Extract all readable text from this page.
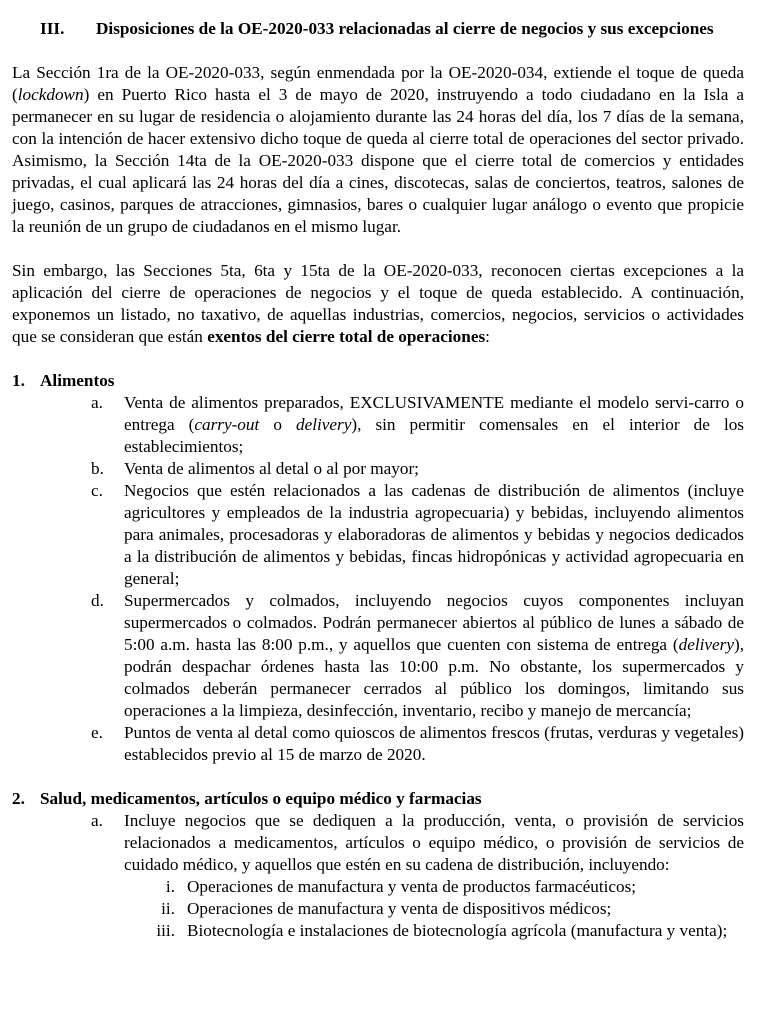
III.	Disposiciones de la OE-2020-033 relacionadas al cierre de negocios y sus excepciones

La Sección 1ra de la OE-2020-033, según enmendada por la OE-2020-034, extiende el toque de queda (lockdown) en Puerto Rico hasta el 3 de mayo de 2020, instruyendo a todo ciudadano en la Isla a permanecer en su lugar de residencia o alojamiento durante las 24 horas del día, los 7 días de la semana, con la intención de hacer extensivo dicho toque de queda al cierre total de operaciones del sector privado. Asimismo, la Sección 14ta de la OE-2020-033 dispone que el cierre total de comercios y entidades privadas, el cual aplicará las 24 horas del día a cines, discotecas, salas de conciertos, teatros, salones de juego, casinos, parques de atracciones, gimnasios, bares o cualquier lugar análogo o evento que propicie la reunión de un grupo de ciudadanos en el mismo lugar.

Sin embargo, las Secciones 5ta, 6ta y 15ta de la OE-2020-033, reconocen ciertas excepciones a la aplicación del cierre de operaciones de negocios y el toque de queda establecido. A continuación, exponemos un listado, no taxativo, de aquellas industrias, comercios, negocios, servicios o actividades que se consideran que están exentos del cierre total de operaciones:

1. Alimentos
a.	Venta de alimentos preparados, EXCLUSIVAMENTE mediante el modelo servi-carro o entrega (carry-out o delivery), sin permitir comensales en el interior de los establecimientos;
b.	Venta de alimentos al detal o al por mayor;
c.	Negocios que estén relacionados a las cadenas de distribución de alimentos (incluye agricultores y empleados de la industria agropecuaria) y bebidas, incluyendo alimentos para animales, procesadoras y elaboradoras de alimentos y bebidas y negocios dedicados a la distribución de alimentos y bebidas, fincas hidropónicas y actividad agropecuaria en general;
d.	Supermercados y colmados, incluyendo negocios cuyos componentes incluyan supermercados o colmados. Podrán permanecer abiertos al público de lunes a sábado de 5:00 a.m. hasta las 8:00 p.m., y aquellos que cuenten con sistema de entrega (delivery), podrán despachar órdenes hasta las 10:00 p.m. No obstante, los supermercados y colmados deberán permanecer cerrados al público los domingos, limitando sus operaciones a la limpieza, desinfección, inventario, recibo y manejo de mercancía;
e.	Puntos de venta al detal como quioscos de alimentos frescos (frutas, verduras y vegetales) establecidos previo al 15 de marzo de 2020.
2. Salud, medicamentos, artículos o equipo médico y farmacias
a.	Incluye negocios que se dediquen a la producción, venta, o provisión de servicios relacionados a medicamentos, artículos o equipo médico, o provisión de servicios de cuidado médico, y aquellos que estén en su cadena de distribución, incluyendo:
i. Operaciones de manufactura y venta de productos farmacéuticos;
ii. Operaciones de manufactura y venta de dispositivos médicos;
iii. Biotecnología e instalaciones de biotecnología agrícola (manufactura y venta);
